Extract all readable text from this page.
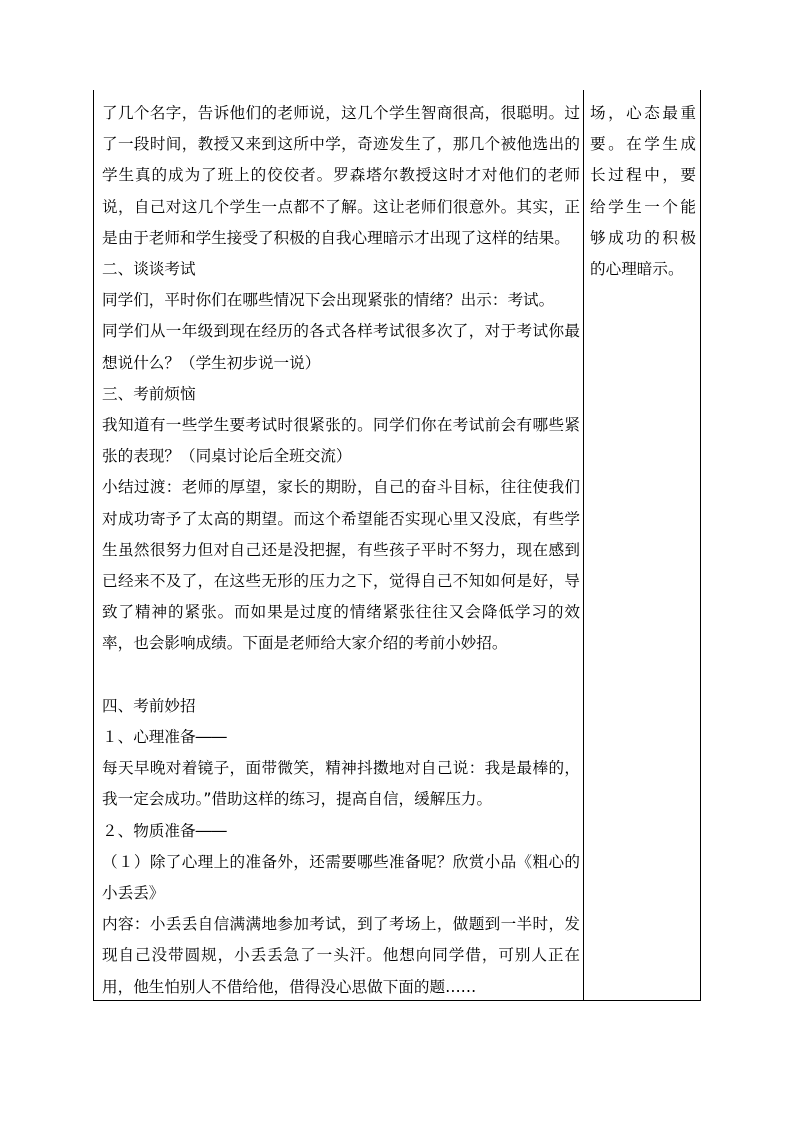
了几个名字，告诉他们的老师说，这几个学生智商很高，很聪明。过了一段时间，教授又来到这所中学，奇迹发生了，那几个被他选出的学生真的成为了班上的佼佼者。罗森塔尔教授这时才对他们的老师说，自己对这几个学生一点都不了解。这让老师们很意外。其实，正是由于老师和学生接受了积极的自我心理暗示才出现了这样的结果。

二、谈谈考试

同学们，平时你们在哪些情况下会出现紧张的情绪？出示：考试。

同学们从一年级到现在经历的各式各样考试很多次了，对于考试你最想说什么？（学生初步说一说）

三、考前烦恼

我知道有一些学生要考试时很紧张的。同学们你在考试前会有哪些紧张的表现？（同桌讨论后全班交流）

小结过渡：老师的厚望，家长的期盼，自己的奋斗目标，往往使我们对成功寄予了太高的期望。而这个希望能否实现心里又没底，有些学生虽然很努力但对自己还是没把握，有些孩子平时不努力，现在感到已经来不及了，在这些无形的压力之下，觉得自己不知如何是好，导致了精神的紧张。而如果是过度的情绪紧张往往又会降低学习的效率，也会影响成绩。下面是老师给大家介绍的考前小妙招。

四、考前妙招

１、心理准备――

每天早晚对着镜子，面带微笑，精神抖擞地对自己说：我是最棒的，我一定会成功。”借助这样的练习，提高自信，缓解压力。

２、物质准备――

（１）除了心理上的准备外，还需要哪些准备呢？欣赏小品《粗心的小丢丢》

内容：小丢丢自信满满地参加考试，到了考场上，做题到一半时，发现自己没带圆规，小丢丢急了一头汗。他想向同学借，可别人正在用，他生怕别人不借给他，借得没心思做下面的题……

场，心态最重要。在学生成长过程中，要给学生一个能够成功的积极的心理暗示。
